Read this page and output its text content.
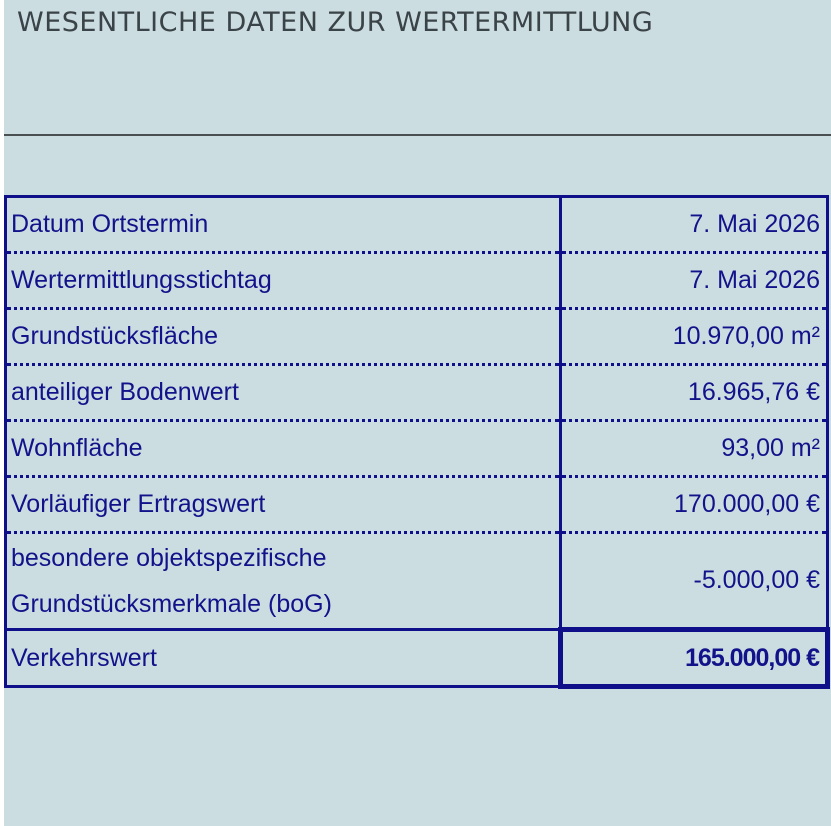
WESENTLICHE DATEN ZUR WERTERMITTLUNG
Datum Ortstermin	7. Mai 2026
Wertermittlungsstichtag	7. Mai 2026
Grundstücksfläche	10.970,00 m²
anteiliger Bodenwert	16.965,76 €
Wohnfläche	93,00 m²
Vorläufiger Ertragswert	170.000,00 €

besondere objektspezifische
Grundstücksmerkmale (boG)	-5.000,00 €
Verkehrswert	165.000,00 €
